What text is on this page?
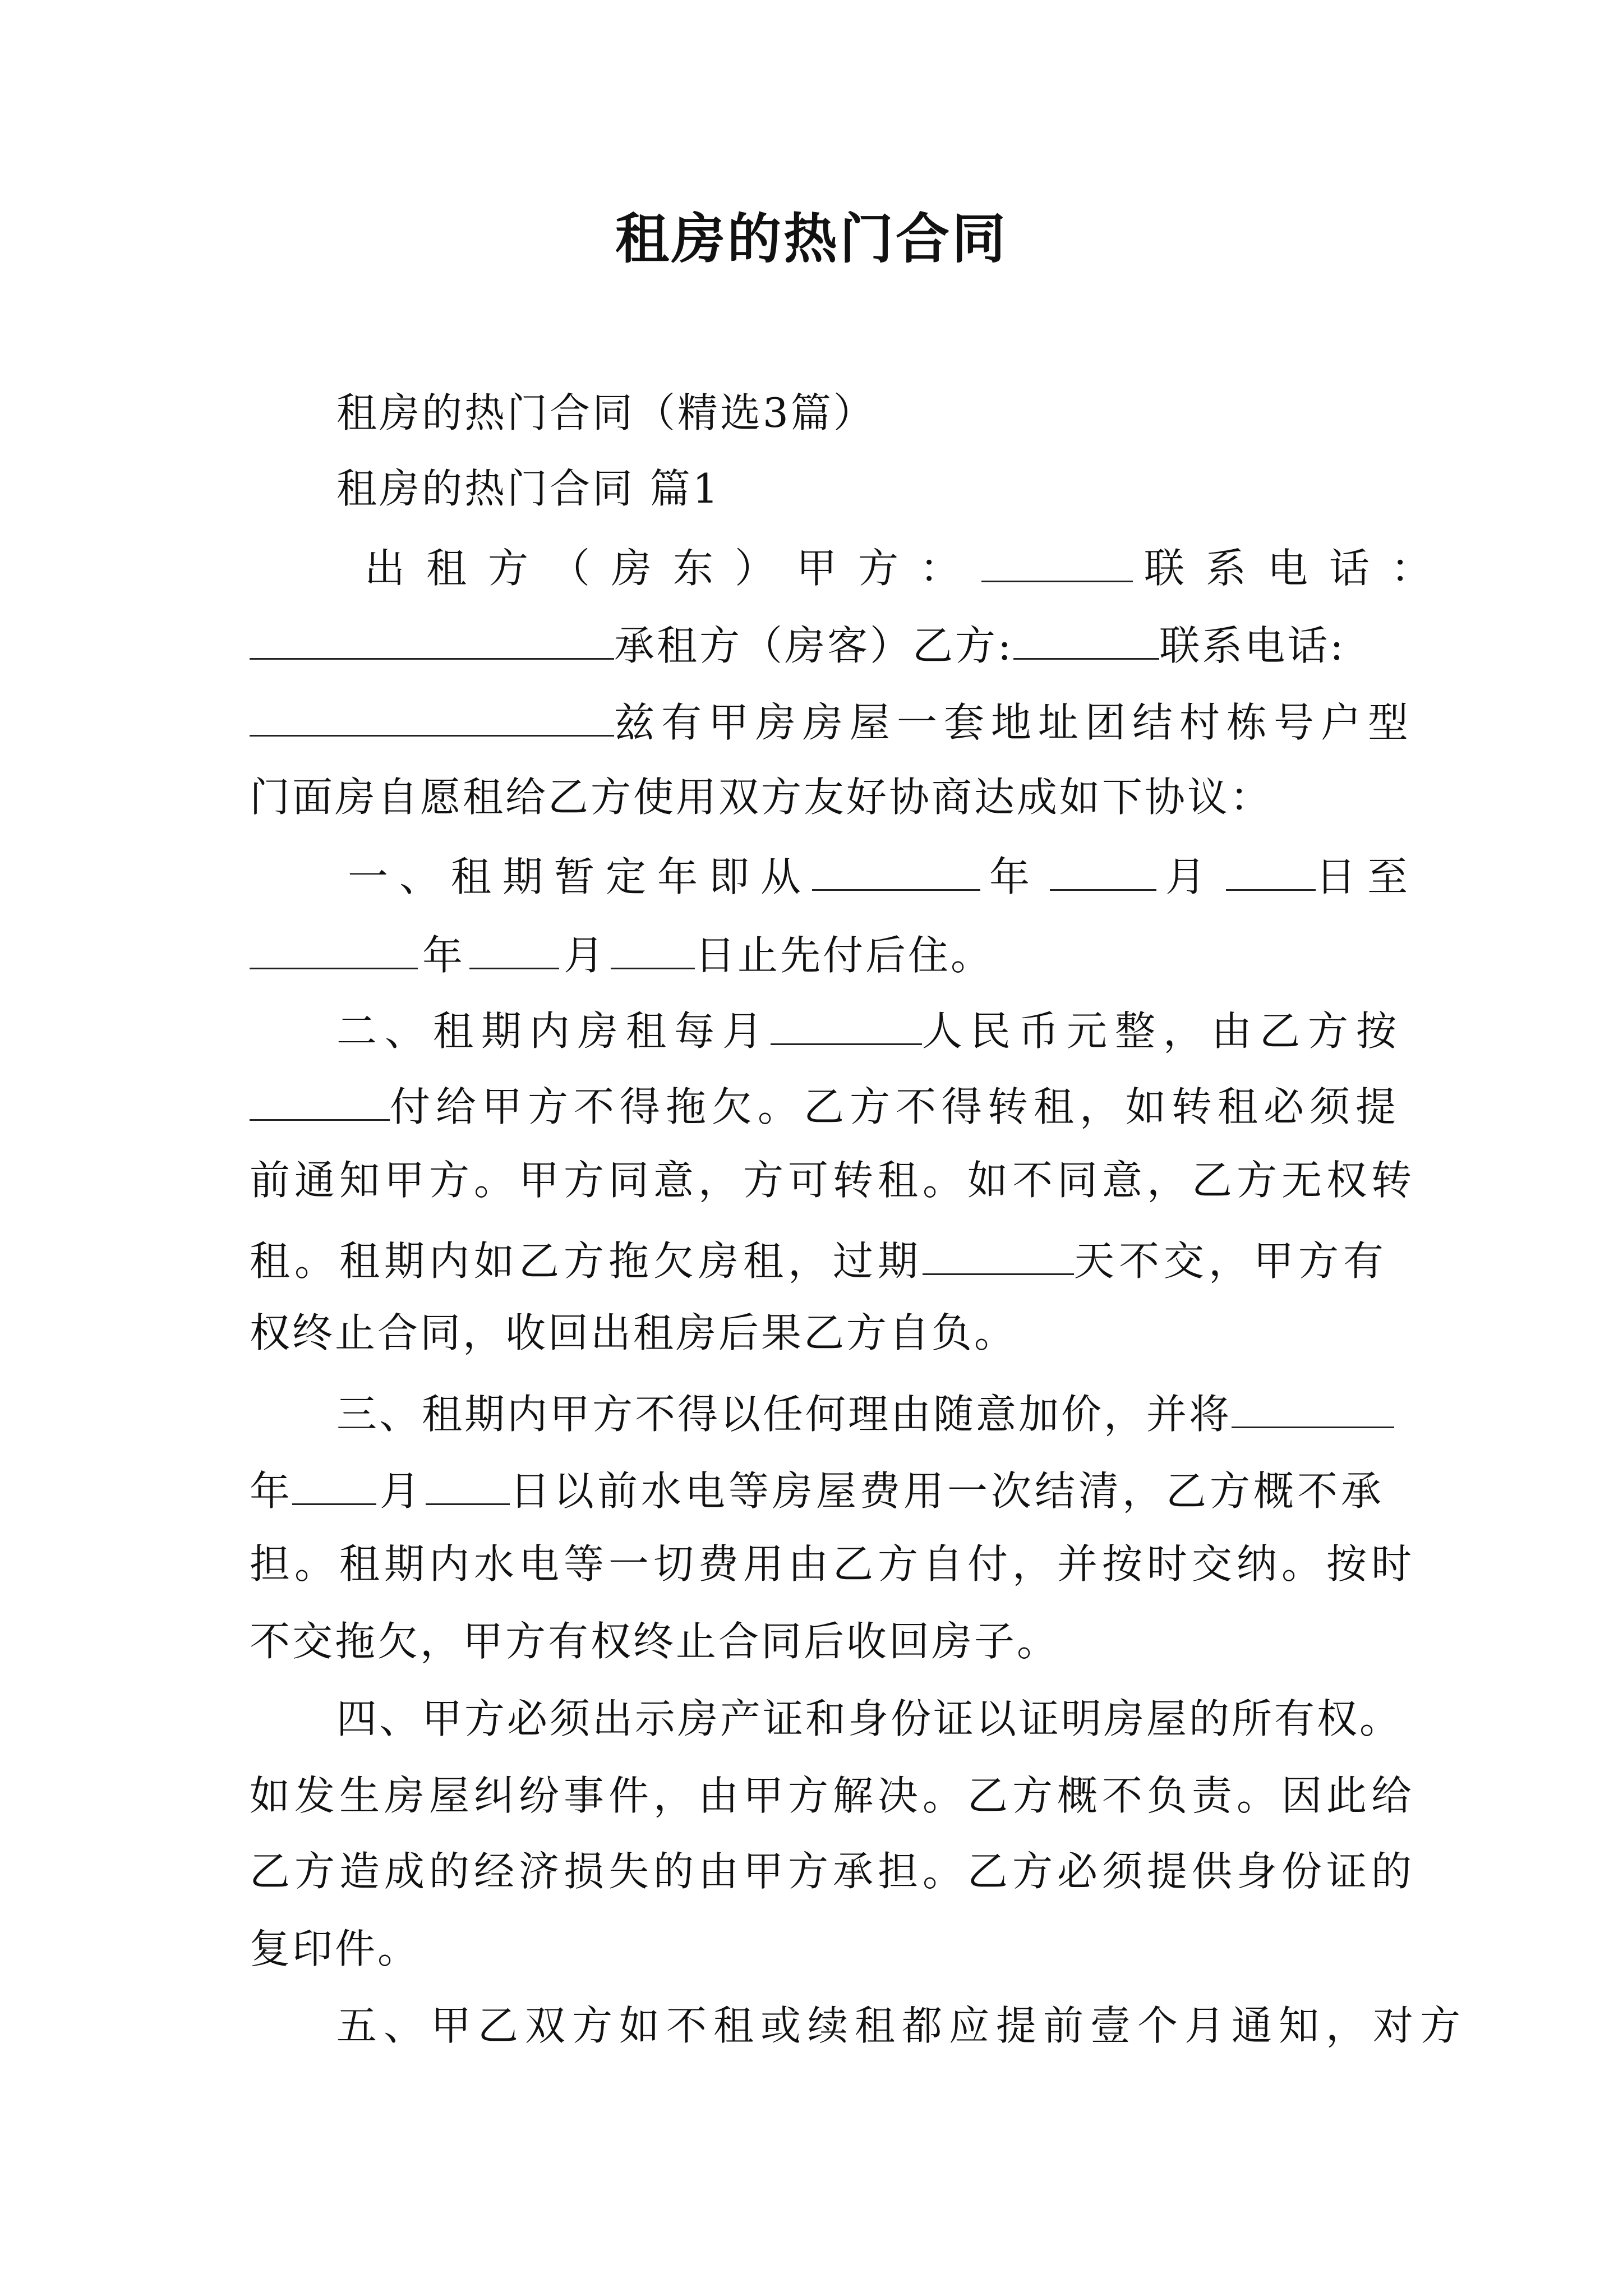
租房的热门合同
租房的热门合同（精选3篇）
租房的热门合同 篇1
出租方（房东）甲方：	联系电话：
承租方（房客）乙方:	联系电话:
兹有甲房房屋一套地址团结村栋号户型
门面房自愿租给乙方使用双方友好协商达成如下协议：
一、租期暂定年即从	年	月 日至
年 月 日止先付后住。
二、租期内房租每月	人民币元整，由乙方按
付给甲方不得拖欠。乙方不得转租，如转租必须提
前通知甲方。甲方同意，方可转租。如不同意，乙方无权转
租。租期内如乙方拖欠房租，过期	天不交，甲方有
权终止合同，收回出租房后果乙方自负。
三、租期内甲方不得以任何理由随意加价，并将
年 月 日以前水电等房屋费用一次结清，乙方概不承
担。租期内水电等一切费用由乙方自付，并按时交纳。按时
不交拖欠，甲方有权终止合同后收回房子。
四、甲方必须出示房产证和身份证以证明房屋的所有权。
如发生房屋纠纷事件，由甲方解决。乙方概不负责。因此给
乙方造成的经济损失的由甲方承担。乙方必须提供身份证的
复印件。
五、甲乙双方如不租或续租都应提前壹个月通知，对方
